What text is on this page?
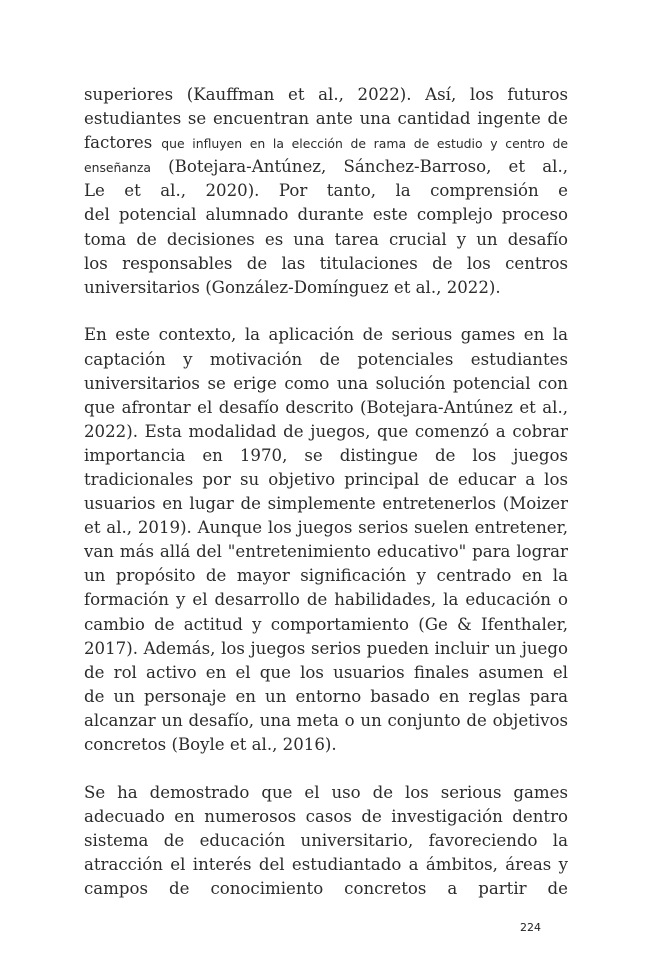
superiores (Kauffman et al., 2022). Así, los futuros
estudiantes se encuentran ante una cantidad ingente de
factores que influyen en la elección de rama de estudio y centro de
enseñanza (Botejara-Antúnez, Sánchez-Barroso, et al.,
Le et al., 2020). Por tanto, la comprensión e
del potencial alumnado durante este complejo proceso
toma de decisiones es una tarea crucial y un desafío
los responsables de las titulaciones de los centros
universitarios (González-Domínguez et al., 2022).
En este contexto, la aplicación de serious games en la
captación y motivación de potenciales estudiantes
universitarios se erige como una solución potencial con
que afrontar el desafío descrito (Botejara-Antúnez et al.,
2022). Esta modalidad de juegos, que comenzó a cobrar
importancia en 1970, se distingue de los juegos
tradicionales por su objetivo principal de educar a los
usuarios en lugar de simplemente entretenerlos (Moizer
et al., 2019). Aunque los juegos serios suelen entretener,
van más allá del "entretenimiento educativo" para lograr
un propósito de mayor significación y centrado en la
formación y el desarrollo de habilidades, la educación o
cambio de actitud y comportamiento (Ge & Ifenthaler,
2017). Además, los juegos serios pueden incluir un juego
de rol activo en el que los usuarios finales asumen el
de un personaje en un entorno basado en reglas para
alcanzar un desafío, una meta o un conjunto de objetivos
concretos (Boyle et al., 2016).
Se ha demostrado que el uso de los serious games
adecuado en numerosos casos de investigación dentro
sistema de educación universitario, favoreciendo la
atracción el interés del estudiantado a ámbitos, áreas y
campos de conocimiento concretos a partir de
224
